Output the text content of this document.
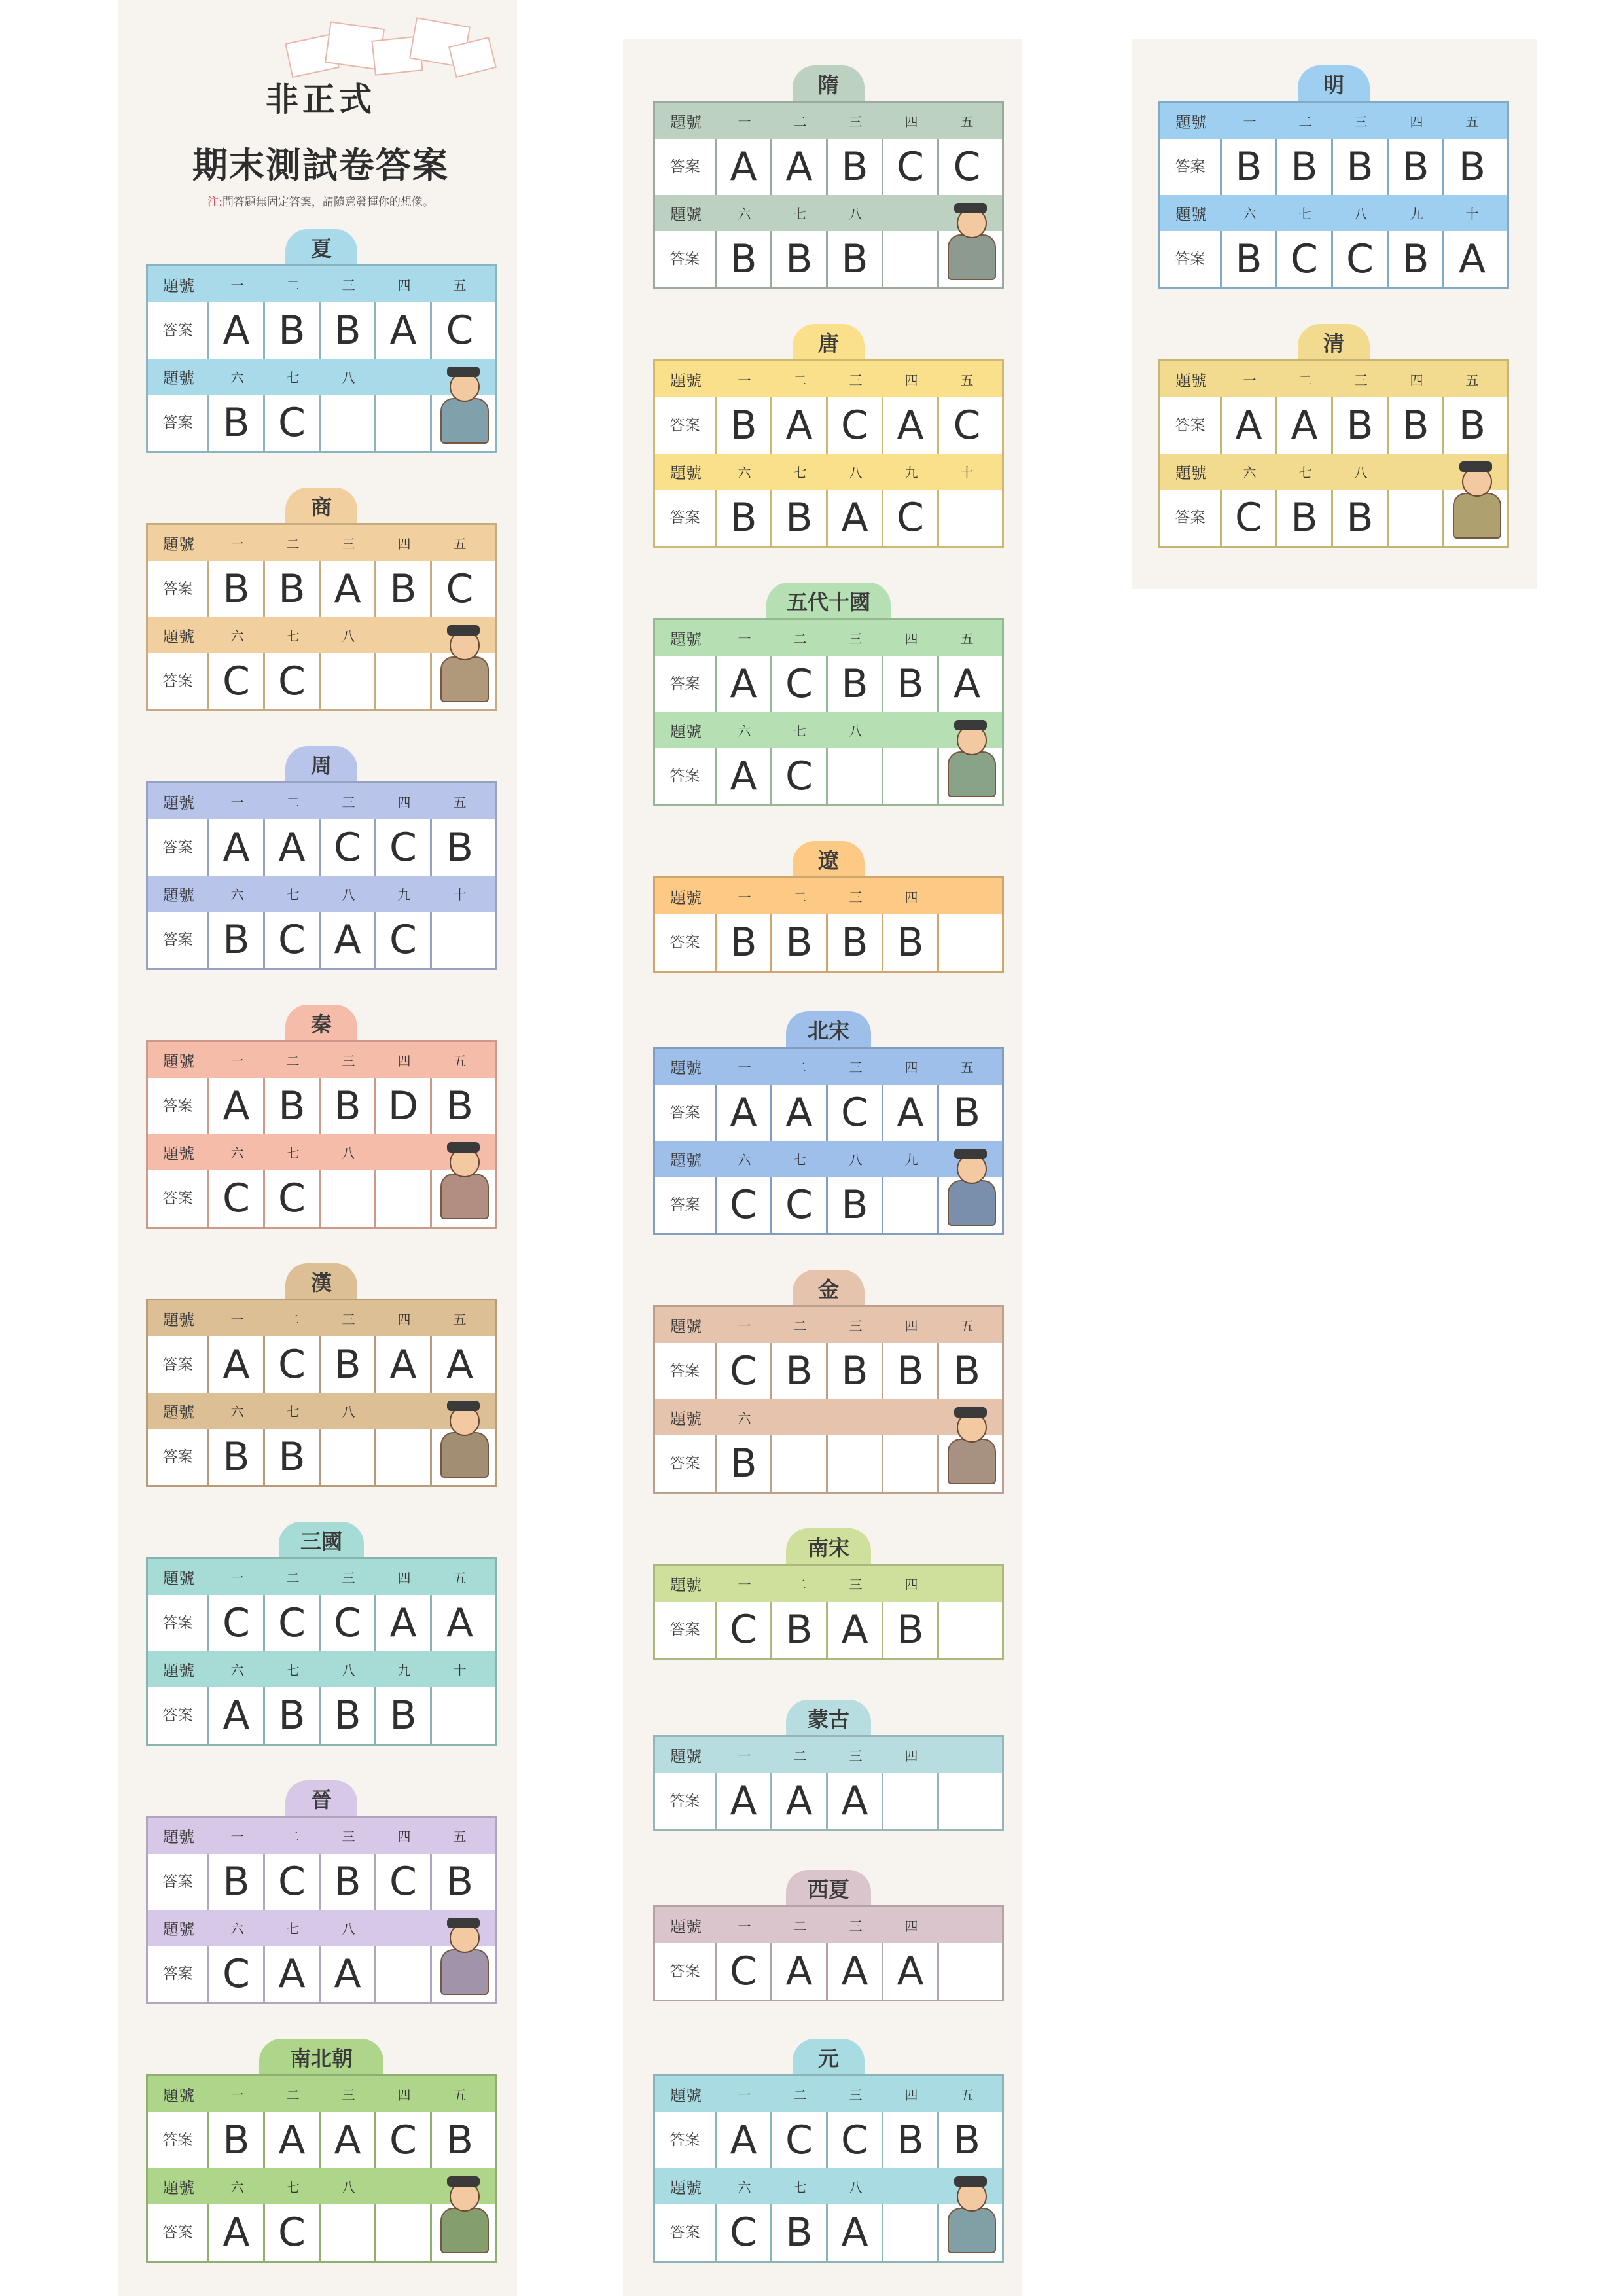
非正式
期末測試卷答案
注:問答題無固定答案，請隨意發揮你的想像。
夏
題號	一	二	三	四	五
答案 A B B A C
題號	六	七	八
答案 B C
商
題號	一	二	三	四	五
答案 B B A B C
題號	六	七	八
答案 C C
周
題號	一	二	三	四	五
答案 A A C C B
題號	六	七	八	九	十
答案 B C A C
秦
題號	一	二	三	四	五
答案 A B B D B
題號	六	七	八
答案 C C
漢
題號	一	二	三	四	五
答案 A C B A A
題號	六	七	八
答案 B B
三國
題號	一	二	三	四	五
答案 C C C A A
題號	六	七	八	九	十
答案 A B B B
晉
題號	一	二	三	四	五
答案 B C B C B
題號	六	七	八
答案 C A A
南北朝
題號	一	二	三	四	五
答案 B A A C B
題號	六	七	八
答案 A C
隋
題號	一	二	三	四	五
答案 A A B C C
題號	六	七	八
答案 B B B
唐
題號	一	二	三	四	五
答案 B A C A C
題號	六	七	八	九	十
答案 B B A C
五代十國
題號	一	二	三	四	五
答案 A C B B A
題號	六	七	八
答案 A C
遼
題號	一	二	三	四
答案 B B B B
北宋
題號	一	二	三	四	五
答案 A A C A B
題號	六	七	八	九
答案 C C B
金
題號	一	二	三	四	五
答案 C B B B B
題號	六
答案 B
南宋
題號	一	二	三	四
答案 C B A B
蒙古
題號	一	二	三	四
答案 A A A
西夏
題號	一	二	三	四
答案 C A A A
元
題號	一	二	三	四	五
答案 A C C B B
題號	六	七	八
答案 C B A
明
題號	一	二	三	四	五
答案 B B B B B
題號	六	七	八	九	十
答案 B C C B A
清
題號	一	二	三	四	五
答案 A A B B B
題號	六	七	八
答案 C B B
